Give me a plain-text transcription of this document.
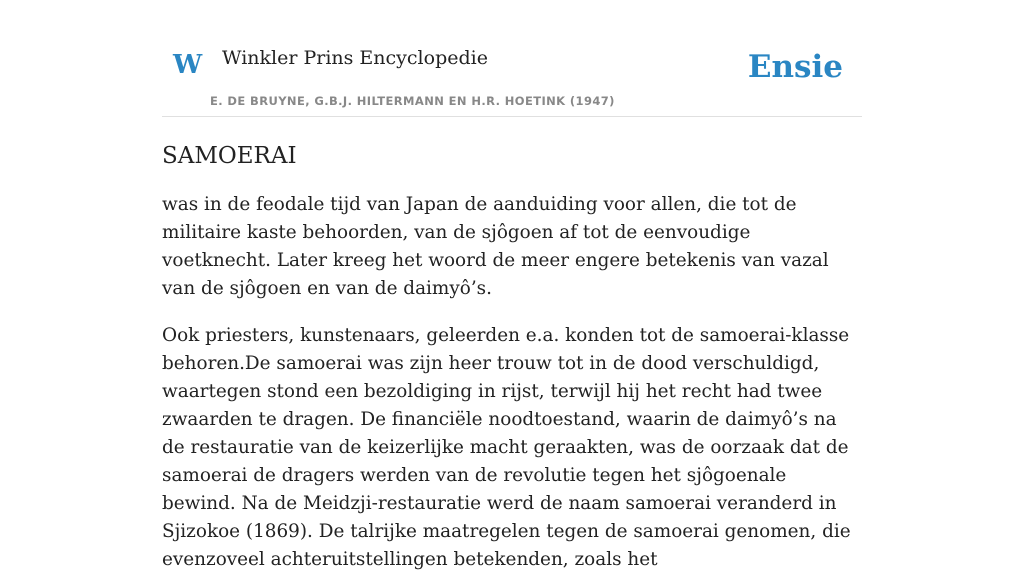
W Winkler Prins Encyclopedie
E. DE BRUYNE, G.B.J. HILTERMANN EN H.R. HOETINK (1947)
Ensie
SAMOERAI

was in de feodale tijd van Japan de aanduiding voor allen, die tot de militaire kaste behoorden, van de sjôgoen af tot de eenvoudige voetknecht. Later kreeg het woord de meer engere betekenis van vazal van de sjôgoen en van de daimyô’s.

Ook priesters, kunstenaars, geleerden e.a. konden tot de samoerai-klasse behoren.De samoerai was zijn heer trouw tot in de dood verschuldigd, waartegen stond een bezoldiging in rijst, terwijl hij het recht had twee zwaarden te dragen. De financiële noodtoestand, waarin de daimyô’s na de restauratie van de keizerlijke macht geraakten, was de oorzaak dat de samoerai de dragers werden van de revolutie tegen het sjôgoenale bewind. Na de Meidzji-restauratie werd de naam samoerai veranderd in Sjizokoe (1869). De talrijke maatregelen tegen de samoerai genomen, die evenzoveel achteruitstellingen betekenden, zoals het
